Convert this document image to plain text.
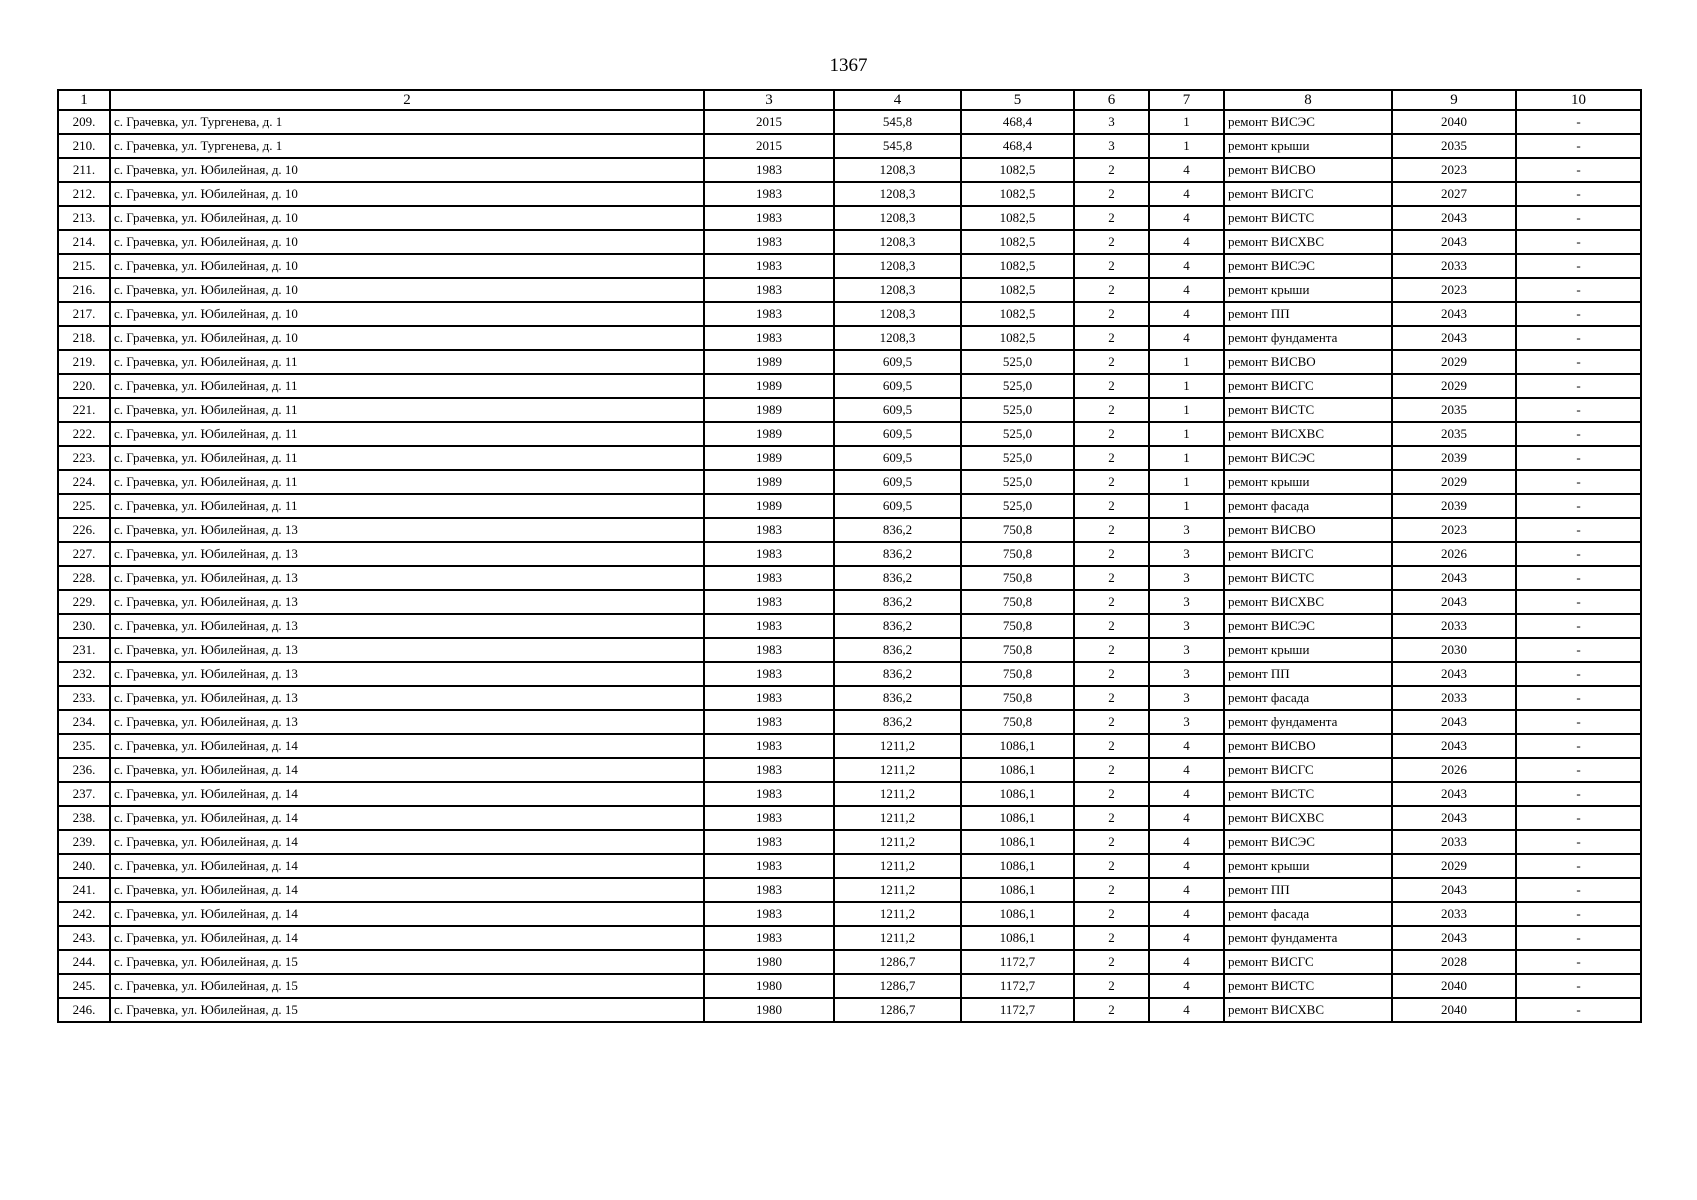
1367
1	2	3	4	5	6	7	8	9	10
209.	с. Грачевка, ул. Тургенева, д. 1	2015	545,8	468,4	3	1	ремонт ВИСЭС	2040	-
210.	с. Грачевка, ул. Тургенева, д. 1	2015	545,8	468,4	3	1	ремонт крыши	2035	-
211.	с. Грачевка, ул. Юбилейная, д. 10	1983	1208,3	1082,5	2	4	ремонт ВИСВО	2023	-
212.	с. Грачевка, ул. Юбилейная, д. 10	1983	1208,3	1082,5	2	4	ремонт ВИСГС	2027	-
213.	с. Грачевка, ул. Юбилейная, д. 10	1983	1208,3	1082,5	2	4	ремонт ВИСТС	2043	-
214.	с. Грачевка, ул. Юбилейная, д. 10	1983	1208,3	1082,5	2	4	ремонт ВИСХВС	2043	-
215.	с. Грачевка, ул. Юбилейная, д. 10	1983	1208,3	1082,5	2	4	ремонт ВИСЭС	2033	-
216.	с. Грачевка, ул. Юбилейная, д. 10	1983	1208,3	1082,5	2	4	ремонт крыши	2023	-
217.	с. Грачевка, ул. Юбилейная, д. 10	1983	1208,3	1082,5	2	4	ремонт ПП	2043	-
218.	с. Грачевка, ул. Юбилейная, д. 10	1983	1208,3	1082,5	2	4	ремонт фундамента	2043	-
219.	с. Грачевка, ул. Юбилейная, д. 11	1989	609,5	525,0	2	1	ремонт ВИСВО	2029	-
220.	с. Грачевка, ул. Юбилейная, д. 11	1989	609,5	525,0	2	1	ремонт ВИСГС	2029	-
221.	с. Грачевка, ул. Юбилейная, д. 11	1989	609,5	525,0	2	1	ремонт ВИСТС	2035	-
222.	с. Грачевка, ул. Юбилейная, д. 11	1989	609,5	525,0	2	1	ремонт ВИСХВС	2035	-
223.	с. Грачевка, ул. Юбилейная, д. 11	1989	609,5	525,0	2	1	ремонт ВИСЭС	2039	-
224.	с. Грачевка, ул. Юбилейная, д. 11	1989	609,5	525,0	2	1	ремонт крыши	2029	-
225.	с. Грачевка, ул. Юбилейная, д. 11	1989	609,5	525,0	2	1	ремонт фасада	2039	-
226.	с. Грачевка, ул. Юбилейная, д. 13	1983	836,2	750,8	2	3	ремонт ВИСВО	2023	-
227.	с. Грачевка, ул. Юбилейная, д. 13	1983	836,2	750,8	2	3	ремонт ВИСГС	2026	-
228.	с. Грачевка, ул. Юбилейная, д. 13	1983	836,2	750,8	2	3	ремонт ВИСТС	2043	-
229.	с. Грачевка, ул. Юбилейная, д. 13	1983	836,2	750,8	2	3	ремонт ВИСХВС	2043	-
230.	с. Грачевка, ул. Юбилейная, д. 13	1983	836,2	750,8	2	3	ремонт ВИСЭС	2033	-
231.	с. Грачевка, ул. Юбилейная, д. 13	1983	836,2	750,8	2	3	ремонт крыши	2030	-
232.	с. Грачевка, ул. Юбилейная, д. 13	1983	836,2	750,8	2	3	ремонт ПП	2043	-
233.	с. Грачевка, ул. Юбилейная, д. 13	1983	836,2	750,8	2	3	ремонт фасада	2033	-
234.	с. Грачевка, ул. Юбилейная, д. 13	1983	836,2	750,8	2	3	ремонт фундамента	2043	-
235.	с. Грачевка, ул. Юбилейная, д. 14	1983	1211,2	1086,1	2	4	ремонт ВИСВО	2043	-
236.	с. Грачевка, ул. Юбилейная, д. 14	1983	1211,2	1086,1	2	4	ремонт ВИСГС	2026	-
237.	с. Грачевка, ул. Юбилейная, д. 14	1983	1211,2	1086,1	2	4	ремонт ВИСТС	2043	-
238.	с. Грачевка, ул. Юбилейная, д. 14	1983	1211,2	1086,1	2	4	ремонт ВИСХВС	2043	-
239.	с. Грачевка, ул. Юбилейная, д. 14	1983	1211,2	1086,1	2	4	ремонт ВИСЭС	2033	-
240.	с. Грачевка, ул. Юбилейная, д. 14	1983	1211,2	1086,1	2	4	ремонт крыши	2029	-
241.	с. Грачевка, ул. Юбилейная, д. 14	1983	1211,2	1086,1	2	4	ремонт ПП	2043	-
242.	с. Грачевка, ул. Юбилейная, д. 14	1983	1211,2	1086,1	2	4	ремонт фасада	2033	-
243.	с. Грачевка, ул. Юбилейная, д. 14	1983	1211,2	1086,1	2	4	ремонт фундамента	2043	-
244.	с. Грачевка, ул. Юбилейная, д. 15	1980	1286,7	1172,7	2	4	ремонт ВИСГС	2028	-
245.	с. Грачевка, ул. Юбилейная, д. 15	1980	1286,7	1172,7	2	4	ремонт ВИСТС	2040	-
246.	с. Грачевка, ул. Юбилейная, д. 15	1980	1286,7	1172,7	2	4	ремонт ВИСХВС	2040	-
